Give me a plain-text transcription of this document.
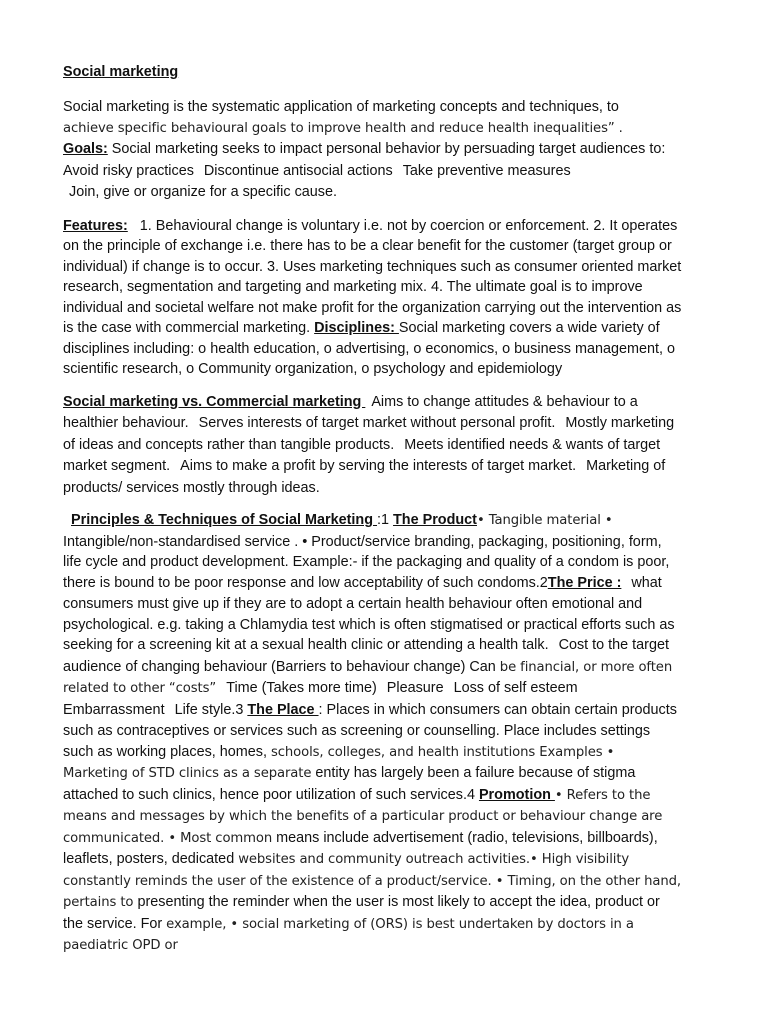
Social marketing

Social marketing is the systematic application of marketing concepts and techniques, to
achieve specific behavioural goals to improve health and reduce health inequalities” .
Goals: Social marketing seeks to impact personal behavior by persuading target audiences to: Avoid risky practices Discontinue antisocial actions Take preventive measures
Join, give or organize for a specific cause.

Features: 1. Behavioural change is voluntary i.e. not by coercion or enforcement. 2. It operates on the principle of exchange i.e. there has to be a clear benefit for the customer (target group or individual) if change is to occur. 3. Uses marketing techniques such as consumer oriented market research, segmentation and targeting and marketing mix. 4. The ultimate goal is to improve individual and societal welfare not make profit for the organization carrying out the intervention as is the case with commercial marketing. Disciplines: Social marketing covers a wide variety of disciplines including: o health education, o advertising, o economics, o business management, o scientific research, o Community organization, o psychology and epidemiology

Social marketing vs. Commercial marketing Aims to change attitudes & behaviour to a healthier behaviour. Serves interests of target market without personal profit. Mostly marketing of ideas and concepts rather than tangible products. Meets identified needs & wants of target market segment. Aims to make a profit by serving the interests of target market. Marketing of products/ services mostly through ideas.

Principles & Techniques of Social Marketing :1 The Product• Tangible material •
Intangible/non-standardised service . • Product/service branding, packaging, positioning, form, life cycle and product development. Example:- if the packaging and quality of a condom is poor, there is bound to be poor response and low acceptability of such condoms.2The Price : what consumers must give up if they are to adopt a certain health behaviour often emotional and psychological. e.g. taking a Chlamydia test which is often stigmatised or practical efforts such as seeking for a screening kit at a sexual health clinic or attending a health talk. Cost to the target audience of changing behaviour (Barriers to behaviour change) Can be financial, or more often related to other “costs” Time (Takes more time) Pleasure Loss of self esteem Embarrassment Life style.3 The Place : Places in which consumers can obtain certain products such as contraceptives or services such as screening or counselling. Place includes settings such as working places, homes, schools, colleges, and health institutions Examples • Marketing of STD clinics as a separate entity has largely been a failure because of stigma attached to such clinics, hence poor utilization of such services.4 Promotion • Refers to the means and messages by which the benefits of a particular product or behaviour change are communicated. • Most common means include advertisement (radio, televisions, billboards), leaflets, posters, dedicated websites and community outreach activities.• High visibility constantly reminds the user of the existence of a product/service. • Timing, on the other hand, pertains to presenting the reminder when the user is most likely to accept the idea, product or the service. For example, • social marketing of (ORS) is best undertaken by doctors in a paediatric OPD or
